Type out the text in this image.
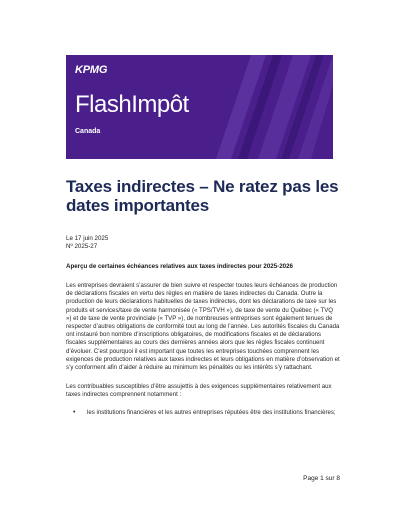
KPMG
FlashImpôt
Canada
Taxes indirectes – Ne ratez pas les dates importantes
Le 17 juin 2025
Nº 2025-27
Aperçu de certaines échéances relatives aux taxes indirectes pour 2025-2026

Les entreprises devraient s’assurer de bien suivre et respecter toutes leurs échéances de production de déclarations fiscales en vertu des règles en matière de taxes indirectes du Canada. Outre la production de leurs déclarations habituelles de taxes indirectes, dont les déclarations de taxe sur les produits et services/taxe de vente harmonisée (« TPS/TVH »), de taxe de vente du Québec (« TVQ ») et de taxe de vente provinciale (« TVP »), de nombreuses entreprises sont également tenues de respecter d’autres obligations de conformité tout au long de l’année. Les autorités fiscales du Canada ont instauré bon nombre d’inscriptions obligatoires, de modifications fiscales et de déclarations fiscales supplémentaires au cours des dernières années alors que les règles fiscales continuent d’évoluer. C’est pourquoi il est important que toutes les entreprises touchées comprennent les exigences de production relatives aux taxes indirectes et leurs obligations en matière d’observation et s’y conforment afin d’aider à réduire au minimum les pénalités ou les intérêts s’y rattachant.

Les contribuables susceptibles d’être assujettis à des exigences supplémentaires relativement aux taxes indirectes comprennent notamment :

• les institutions financières et les autres entreprises réputées être des institutions financières;
Page 1 sur 8
